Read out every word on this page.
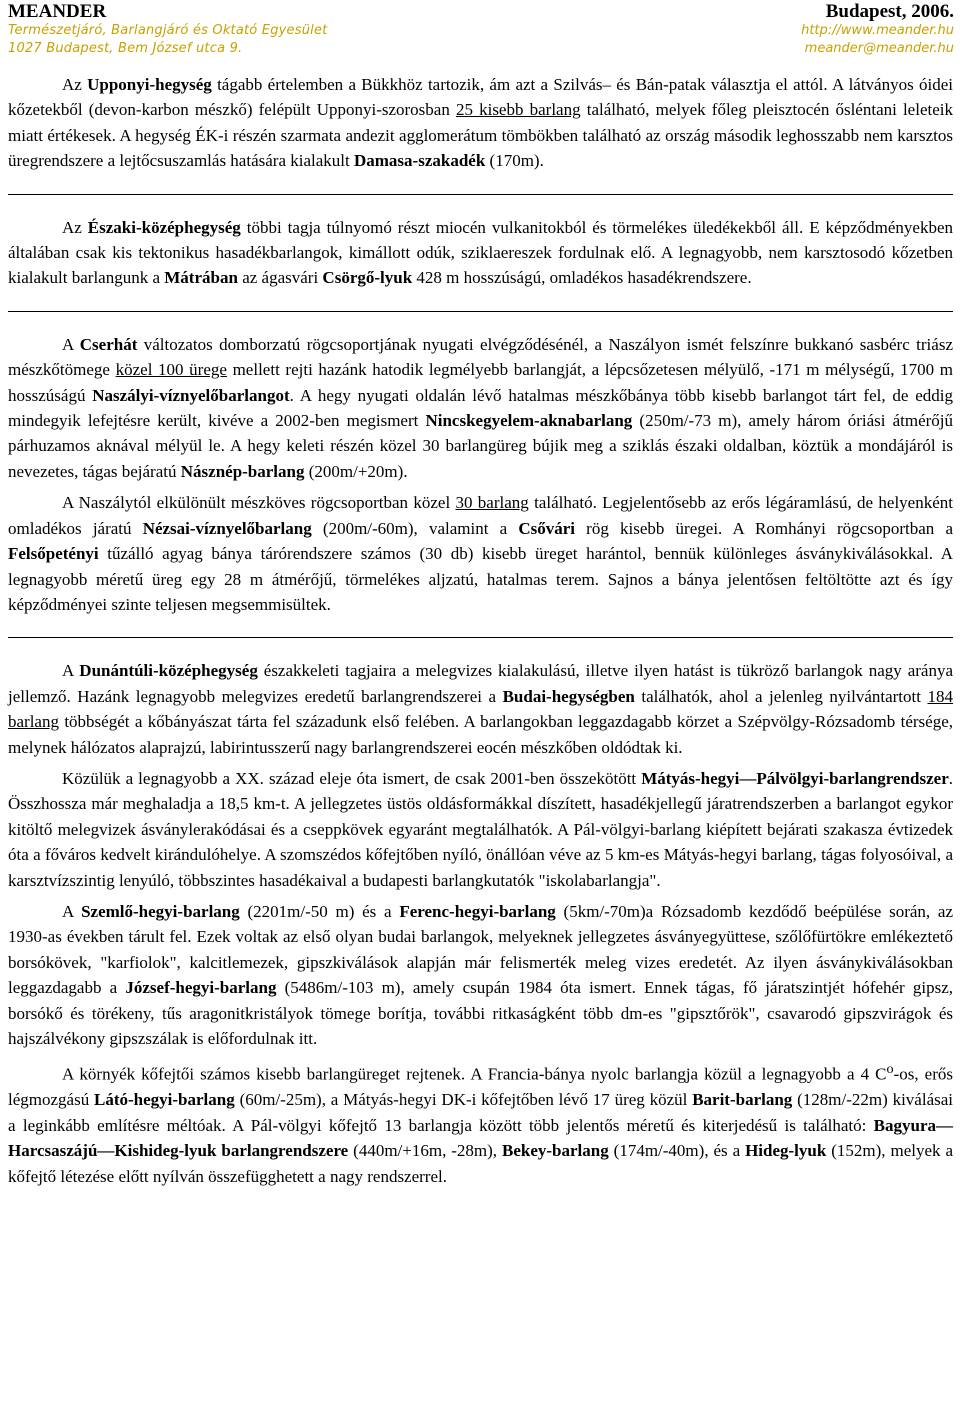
MEANDER	Budapest, 2006.
Természetjáró, Barlangjáró és Oktató Egyesület	http://www.meander.hu
1027 Budapest, Bem József utca 9.	meander@meander.hu

Az Upponyi-hegység tágabb értelemben a Bükkhöz tartozik, ám azt a Szilvás– és Bán-patak választja el attól. A látványos óidei kőzetekből (devon-karbon mészkő) felépült Upponyi-szorosban 25 kisebb barlang található, melyek főleg pleisztocén ősléntani leleteik miatt értékesek. A hegység ÉK-i részén szarmata andezit agglomerátum tömbökben található az ország második leghosszabb nem karsztos üregrendszere a lejtőcsuszamlás hatására kialakult Damasa-szakadék (170m).

Az Északi-középhegység többi tagja túlnyomó részt miocén vulkanitokból és törmelékes üledékekből áll. E képződményekben általában csak kis tektonikus hasadékbarlangok, kimállott odúk, sziklaereszek fordulnak elő. A legnagyobb, nem karsztosodó kőzetben kialakult barlangunk a Mátrában az ágasvári Csörgő-lyuk 428 m hosszúságú, omladékos hasadékrendszere.

A Cserhát változatos domborzatú rögcsoportjának nyugati elvégződésénél, a Naszályon ismét felszínre bukkanó sasbérc triász mészkőtömege közel 100 ürege mellett rejti hazánk hatodik legmélyebb barlangját, a lépcsőzetesen mélyülő, -171 m mélységű, 1700 m hosszúságú Naszályi-víznyelőbarlangot. A hegy nyugati oldalán lévő hatalmas mészkőbánya több kisebb barlangot tárt fel, de eddig mindegyik lefejtésre került, kivéve a 2002-ben megismert Nincskegyelem-aknabarlang (250m/-73 m), amely három óriási átmérőjű párhuzamos aknával mélyül le. A hegy keleti részén közel 30 barlangüreg bújik meg a sziklás északi oldalban, köztük a mondájáról is nevezetes, tágas bejáratú Násznép-barlang (200m/+20m).

A Naszálytól elkülönült mészköves rögcsoportban közel 30 barlang található. Legjelentősebb az erős légáramlású, de helyenként omladékos járatú Nézsai-víznyelőbarlang (200m/-60m), valamint a Csővári rög kisebb üregei. A Romhányi rögcsoportban a Felsőpetényi tűzálló agyag bánya tárórendszere számos (30 db) kisebb üreget harántol, bennük különleges ásványkiválásokkal. A legnagyobb méretű üreg egy 28 m átmérőjű, törmelékes aljzatú, hatalmas terem. Sajnos a bánya jelentősen feltöltötte azt és így képződményei szinte teljesen megsemmisültek.

A Dunántúli-középhegység északkeleti tagjaira a melegvizes kialakulású, illetve ilyen hatást is tükröző barlangok nagy aránya jellemző. Hazánk legnagyobb melegvizes eredetű barlangrendszerei a Budai-hegységben találhatók, ahol a jelenleg nyilvántartott 184 barlang többségét a kőbányászat tárta fel századunk első felében. A barlangokban leggazdagabb körzet a Szépvölgy-Rózsadomb térsége, melynek hálózatos alaprajzú, labirintusszerű nagy barlangrendszerei eocén mészkőben oldódtak ki.

Közülük a legnagyobb a XX. század eleje óta ismert, de csak 2001-ben összekötött Mátyás-hegyi—Pálvölgyi-barlangrendszer. Összhossza már meghaladja a 18,5 km-t. A jellegzetes üstös oldásformákkal díszített, hasadékjellegű járatrendszerben a barlangot egykor kitöltő melegvizek ásványlerakódásai és a cseppkövek egyaránt megtalálhatók. A Pál-völgyi-barlang kiépített bejárati szakasza évtizedek óta a főváros kedvelt kirándulóhelye. A szomszédos kőfejtőben nyíló, önállóan véve az 5 km-es Mátyás-hegyi barlang, tágas folyosóival, a karsztvízszintig lenyúló, többszintes hasadékaival a budapesti barlangkutatók "iskolabarlangja".

A Szemlő-hegyi-barlang (2201m/-50 m) és a Ferenc-hegyi-barlang (5km/-70m)a Rózsadomb kezdődő beépülése során, az 1930-as években tárult fel. Ezek voltak az első olyan budai barlangok, melyeknek jellegzetes ásványegyüttese, szőlőfürtökre emlékeztető borsókövek, "karfiolok", kalcitlemezek, gipszkiválások alapján már felismerték meleg vizes eredetét. Az ilyen ásványkiválásokban leggazdagabb a József-hegyi-barlang (5486m/-103 m), amely csupán 1984 óta ismert. Ennek tágas, fő járatszintjét hófehér gipsz, borsókő és törékeny, tűs aragonitkristályok tömege borítja, további ritkaságként több dm-es "gipsztőrök", csavarodó gipszvirágok és hajszálvékony gipszszálak is előfordulnak itt.

A környék kőfejtői számos kisebb barlangüreget rejtenek. A Francia-bánya nyolc barlangja közül a legnagyobb a 4 $C^o-os$, erős légmozgású Látó-hegyi-barlang (60m/-25m), a Mátyás-hegyi DK-i kőfejtőben lévő 17 üreg közül Barit-barlang (128m/-22m) kiválásai a leginkább említésre méltóak. A Pál-völgyi kőfejtő 13 barlangja között több jelentős méretű és kiterjedésű is található: Bagyura—Harcsaszájú—Kishideg-lyuk barlangrendszere (440m/+16m, -28m), Bekey-barlang (174m/-40m), és a Hideg-lyuk (152m), melyek a kőfejtő létezése előtt nyílván összefügghetett a nagy rendszerrel.
